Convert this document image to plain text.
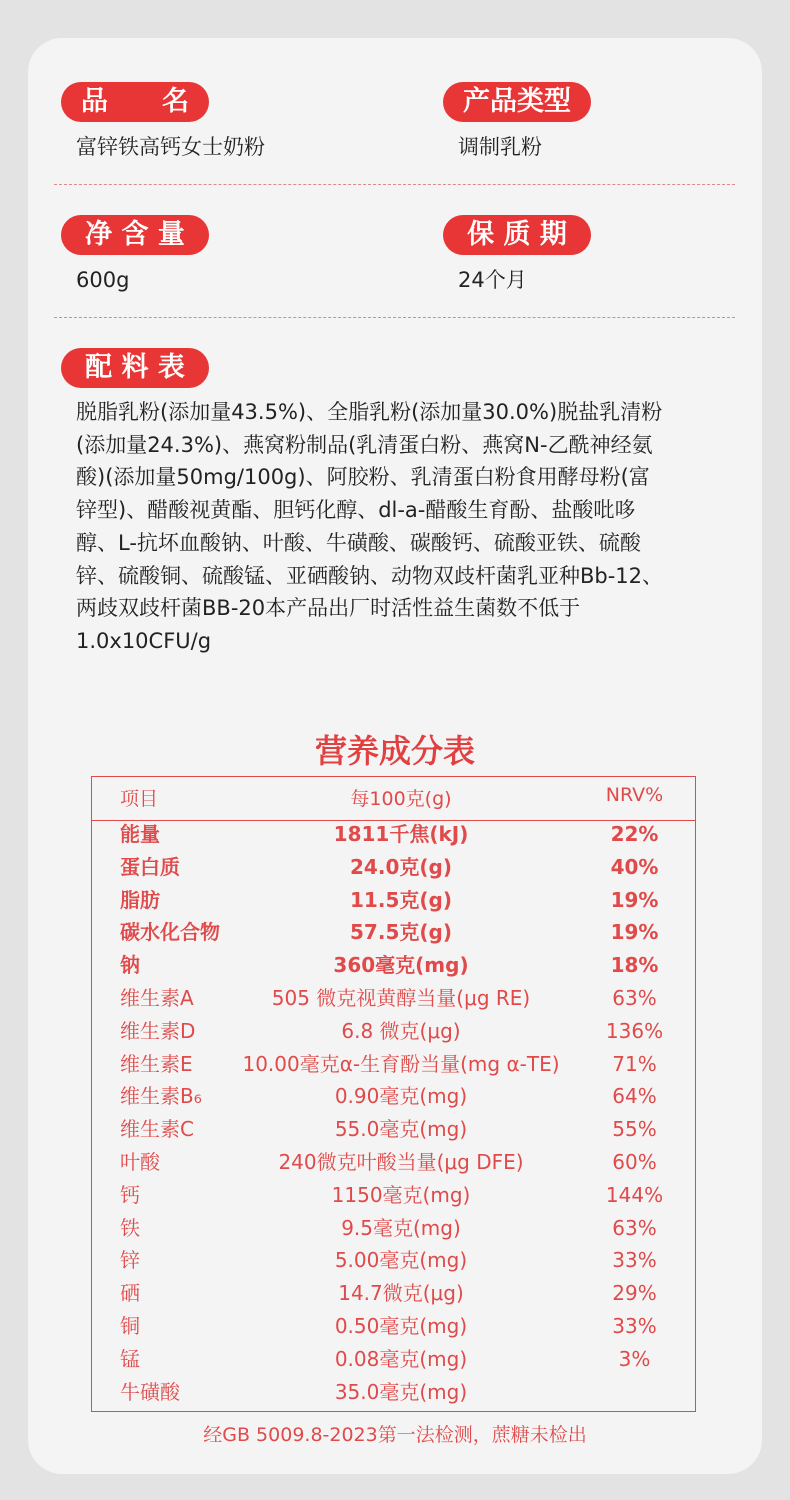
品　　名
富锌铁高钙女士奶粉
产品类型
调制乳粉
净 含 量
600g
保 质 期
24个月
配 料 表
脱脂乳粉(添加量43.5%)、全脂乳粉(添加量30.0%)脱盐乳清粉
(添加量24.3%)、燕窝粉制品(乳清蛋白粉、燕窝N-乙酰神经氨
酸)(添加量50mg/100g)、阿胶粉、乳清蛋白粉食用酵母粉(富
锌型)、醋酸视黄酯、胆钙化醇、dl-a-醋酸生育酚、盐酸吡哆
醇、L-抗坏血酸钠、叶酸、牛磺酸、碳酸钙、硫酸亚铁、硫酸
锌、硫酸铜、硫酸锰、亚硒酸钠、动物双歧杆菌乳亚种Bb-12、
两歧双歧杆菌BB-20本产品出厂时活性益生菌数不低于
1.0x10CFU/g
营养成分表
项目	每100克(g)	NRV%
能量	1811千焦(kJ)	22%
蛋白质	24.0克(g)	40%
脂肪	11.5克(g)	19%
碳水化合物	57.5克(g)	19%
钠	360毫克(mg)	18%
维生素A	505 微克视黄醇当量(μg RE)	63%
维生素D	6.8 微克(μg)	136%
维生素E	10.00毫克α-生育酚当量(mg α-TE)	71%
维生素B₆	0.90毫克(mg)	64%
维生素C	55.0毫克(mg)	55%
叶酸	240微克叶酸当量(μg DFE)	60%
钙	1150毫克(mg)	144%
铁	9.5毫克(mg)	63%
锌	5.00毫克(mg)	33%
硒	14.7微克(μg)	29%
铜	0.50毫克(mg)	33%
锰	0.08毫克(mg)	3%
牛磺酸	35.0毫克(mg)
经GB 5009.8-2023第一法检测，蔗糖未检出
